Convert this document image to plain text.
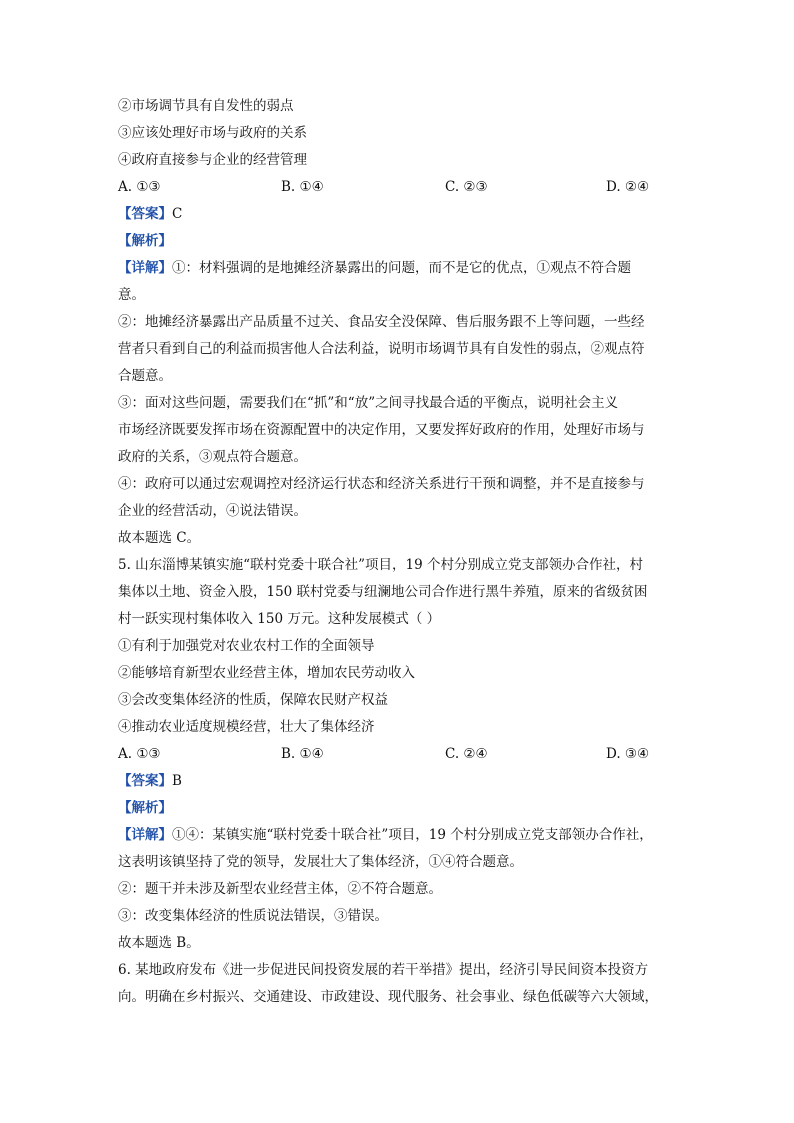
②市场调节具有自发性的弱点
③应该处理好市场与政府的关系
④政府直接参与企业的经营管理
A. ①③	B. ①④	C. ②③	D. ②④
【答案】C
【解析】
【详解】①：材料强调的是地摊经济暴露出的问题，而不是它的优点，①观点不符合题
意。
②：地摊经济暴露出产品质量不过关、食品安全没保障、售后服务跟不上等问题，一些经
营者只看到自己的利益而损害他人合法利益，说明市场调节具有自发性的弱点，②观点符
合题意。
③：面对这些问题，需要我们在“抓”和“放”之间寻找最合适的平衡点，说明社会主义
市场经济既要发挥市场在资源配置中的决定作用，又要发挥好政府的作用，处理好市场与
政府的关系，③观点符合题意。
④：政府可以通过宏观调控对经济运行状态和经济关系进行干预和调整，并不是直接参与
企业的经营活动，④说法错误。
故本题选 C。
5. 山东淄博某镇实施“联村党委十联合社”项目，19 个村分别成立党支部领办合作社，村
集体以土地、资金入股，150 联村党委与纽澜地公司合作进行黑牛养殖，原来的省级贫困
村一跃实现村集体收入 150 万元。这种发展模式（ ）
①有利于加强党对农业农村工作的全面领导
②能够培育新型农业经营主体，增加农民劳动收入
③会改变集体经济的性质，保障农民财产权益
④推动农业适度规模经营，壮大了集体经济
A. ①③	B. ①④	C. ②④	D. ③④
【答案】B
【解析】
【详解】①④：某镇实施“联村党委十联合社”项目，19 个村分别成立党支部领办合作社，
这表明该镇坚持了党的领导，发展壮大了集体经济，①④符合题意。
②：题干并未涉及新型农业经营主体，②不符合题意。
③：改变集体经济的性质说法错误，③错误。
故本题选 B。
6. 某地政府发布《进一步促进民间投资发展的若干举措》提出，经济引导民间资本投资方
向。明确在乡村振兴、交通建设、市政建设、现代服务、社会事业、绿色低碳等六大领域，
